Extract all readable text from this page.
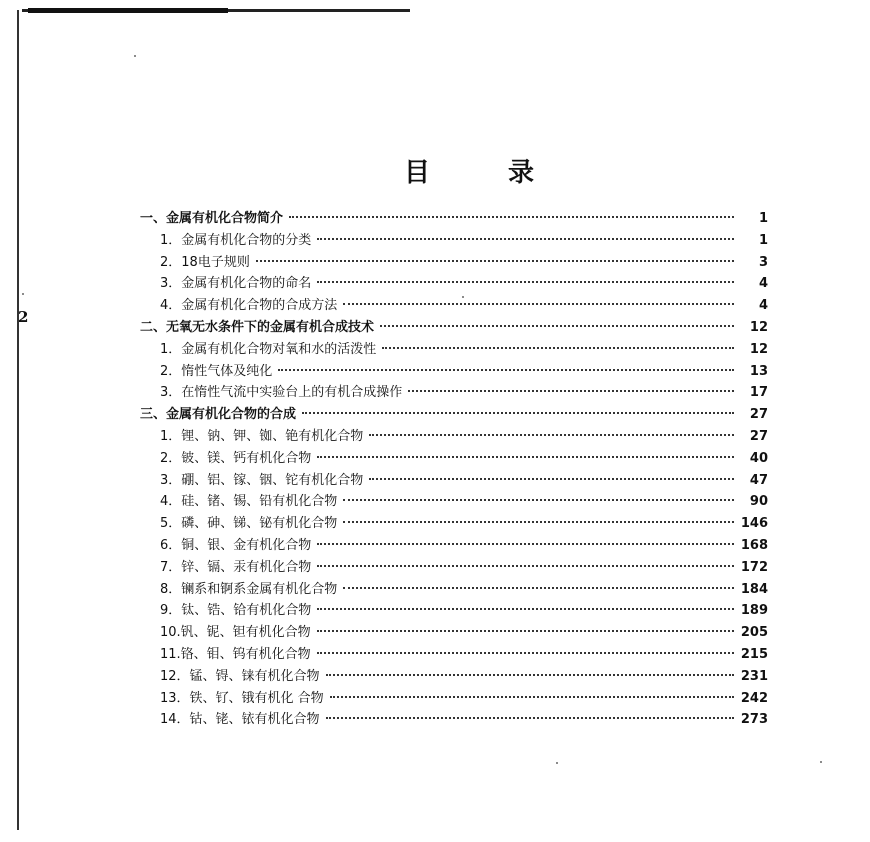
2
目	录
一、金属有机化合物简介	1
1．金属有机化合物的分类	1
2．18电子规则	3
3．金属有机化合物的命名	4
4．金属有机化合物的合成方法	4
二、无氧无水条件下的金属有机合成技术	12
1．金属有机化合物对氧和水的活泼性	12
2．惰性气体及纯化	13
3．在惰性气流中实验台上的有机合成操作	17
三、金属有机化合物的合成	27
1．锂、钠、钾、铷、铯有机化合物	27
2．铍、镁、钙有机化合物	40
3．硼、铝、镓、铟、铊有机化合物	47
4．硅、锗、锡、铅有机化合物	90
5．磷、砷、锑、铋有机化合物	146
6．铜、银、金有机化合物	168
7．锌、镉、汞有机化合物	172
8．镧系和锕系金属有机化合物	184
9．钛、锆、铪有机化合物	189
10.钒、铌、钽有机化合物	205
11.铬、钼、钨有机化合物	215
12．锰、锝、铼有机化合物	231
13．铁、钌、锇有机化 合物	242
14．钴、铑、铱有机化合物	273
